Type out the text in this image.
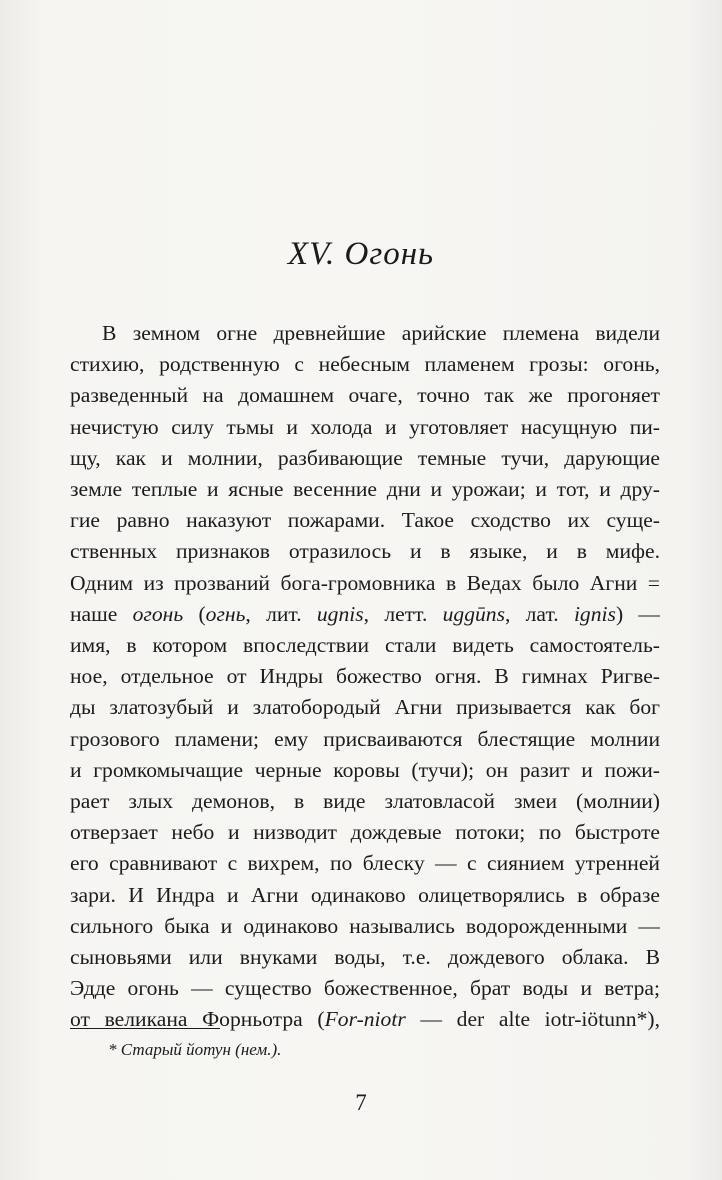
XV. Огонь
В земном огне древнейшие арийские племена видели
стихию, родственную с небесным пламенем грозы: огонь,
разведенный на домашнем очаге, точно так же прогоняет
нечистую силу тьмы и холода и уготовляет насущную пи-
щу, как и молнии, разбивающие темные тучи, дарующие
земле теплые и ясные весенние дни и урожаи; и тот, и дру-
гие равно наказуют пожарами. Такое сходство их суще-
ственных признаков отразилось и в языке, и в мифе.
Одним из прозваний бога-громовника в Ведах было Агни =
наше огонь (огнь, лит. ugnis, летт. uggūns, лат. ignis) —
имя, в котором впоследствии стали видеть самостоятель-
ное, отдельное от Индры божество огня. В гимнах Ригве-
ды златозубый и златобородый Агни призывается как бог
грозового пламени; ему присваиваются блестящие молнии
и громкомычащие черные коровы (тучи); он разит и пожи-
рает злых демонов, в виде златовласой змеи (молнии)
отверзает небо и низводит дождевые потоки; по быстроте
его сравнивают с вихрем, по блеску — с сиянием утренней
зари. И Индра и Агни одинаково олицетворялись в образе
сильного быка и одинаково назывались водорожденными —
сыновьями или внуками воды, т.е. дождевого облака. В
Эдде огонь — существо божественное, брат воды и ветра;
от великана Форньотра (For-niotr — der alte iotr-iötunn*),

* Старый йотун (нем.).

7
